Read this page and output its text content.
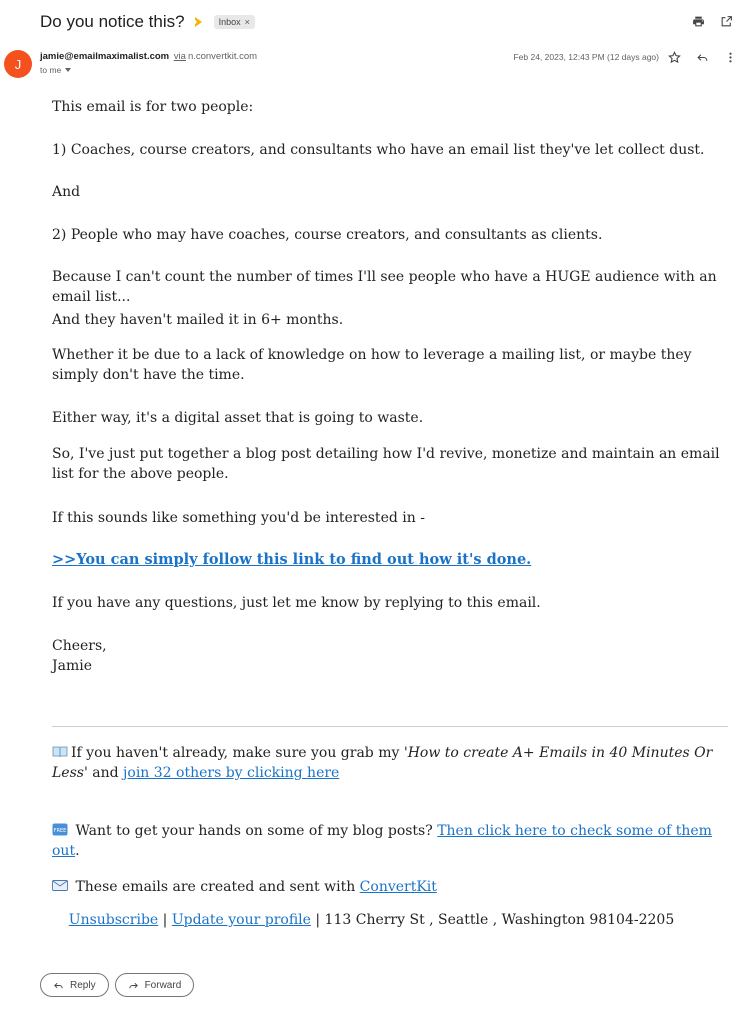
Do you notice this?	Inbox ×
J	jamie@emailmaximalist.com via n.convertkit.com
to me
Feb 24, 2023, 12:43 PM (12 days ago)

This email is for two people:

1) Coaches, course creators, and consultants who have an email list they've let collect dust.

And

2) People who may have coaches, course creators, and consultants as clients.

Because I can't count the number of times I'll see people who have a HUGE audience with an email list...

And they haven't mailed it in 6+ months.

Whether it be due to a lack of knowledge on how to leverage a mailing list, or maybe they simply don't have the time.

Either way, it's a digital asset that is going to waste.

So, I've just put together a blog post detailing how I'd revive, monetize and maintain an email list for the above people.

If this sounds like something you'd be interested in -

>>You can simply follow this link to find out how it's done.

If you have any questions, just let me know by replying to this email.

Cheers,

Jamie

If you haven't already, make sure you grab my 'How to create A+ Emails in 40 Minutes Or Less' and join 32 others by clicking here
FREE Want to get your hands on some of my blog posts? Then click here to check some of them out.
These emails are created and sent with ConvertKit
Unsubscribe | Update your profile | 113 Cherry St , Seattle , Washington 98104-2205
Reply	Forward
